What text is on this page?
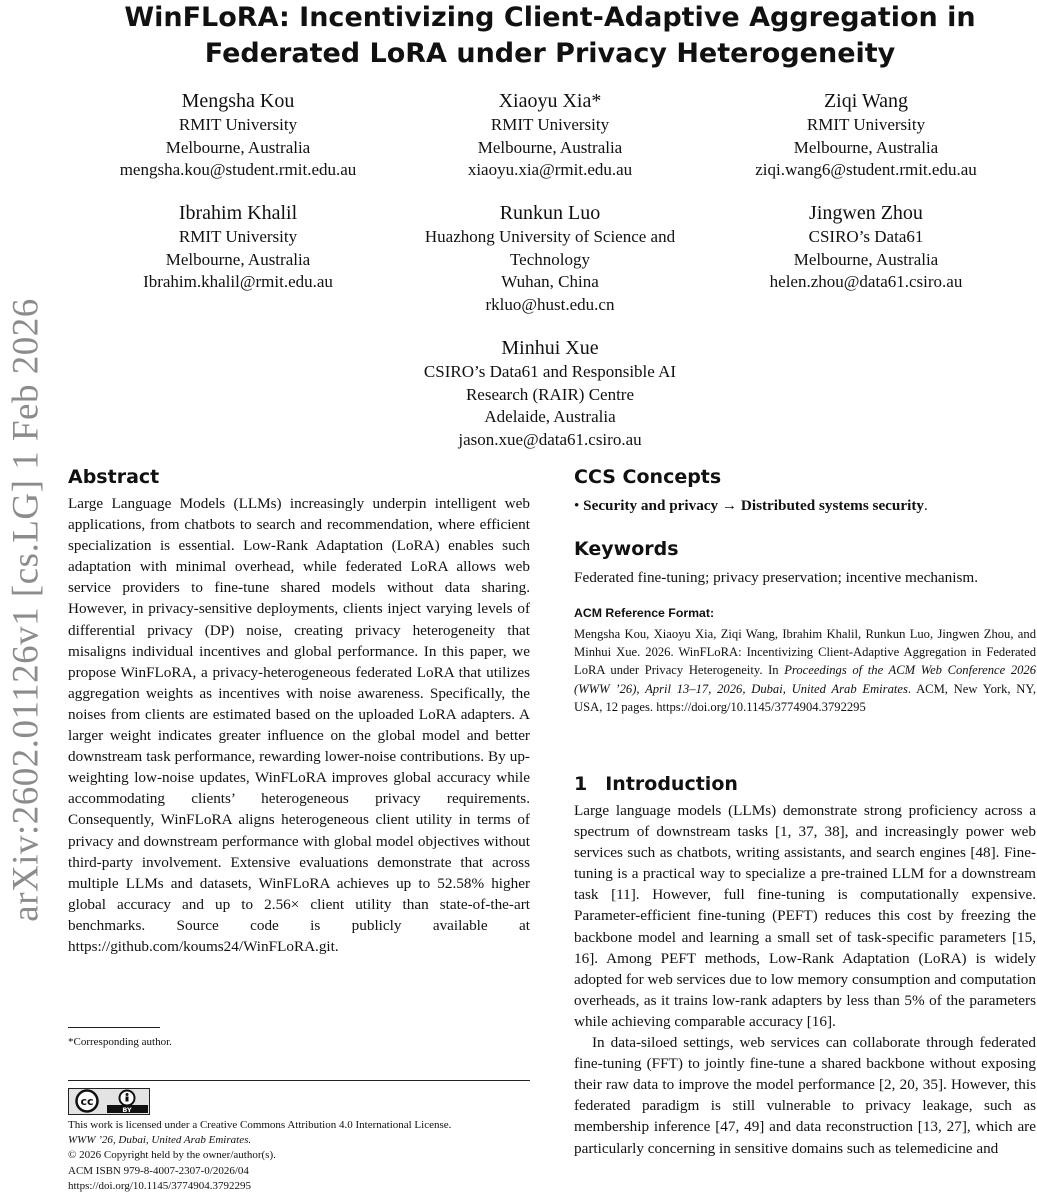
arXiv:2602.01126v1 [cs.LG] 1 Feb 2026
WinFLoRA: Incentivizing Client-Adaptive Aggregation in Federated LoRA under Privacy Heterogeneity
Mengsha Kou
RMIT University
Melbourne, Australia
mengsha.kou@student.rmit.edu.au
Xiaoyu Xia*
RMIT University
Melbourne, Australia
xiaoyu.xia@rmit.edu.au
Ziqi Wang
RMIT University
Melbourne, Australia
ziqi.wang6@student.rmit.edu.au
Ibrahim Khalil
RMIT University
Melbourne, Australia
Ibrahim.khalil@rmit.edu.au
Runkun Luo
Huazhong University of Science and
Technology
Wuhan, China
rkluo@hust.edu.cn
Jingwen Zhou
CSIRO’s Data61
Melbourne, Australia
helen.zhou@data61.csiro.au
Minhui Xue
CSIRO’s Data61 and Responsible AI
Research (RAIR) Centre
Adelaide, Australia
jason.xue@data61.csiro.au
Abstract

Large Language Models (LLMs) increasingly underpin intelligent web applications, from chatbots to search and recommendation, where efficient specialization is essential. Low-Rank Adaptation (LoRA) enables such adaptation with minimal overhead, while federated LoRA allows web service providers to fine-tune shared models without data sharing. However, in privacy-sensitive deployments, clients inject varying levels of differential privacy (DP) noise, creating privacy heterogeneity that misaligns individual incentives and global performance. In this paper, we propose WinFLoRA, a privacy-heterogeneous federated LoRA that utilizes aggregation weights as incentives with noise awareness. Specifically, the noises from clients are estimated based on the uploaded LoRA adapters. A larger weight indicates greater influence on the global model and better downstream task performance, rewarding lower-noise contributions. By up-weighting low-noise updates, WinFLoRA improves global accuracy while accommodating clients’ heterogeneous privacy requirements. Consequently, WinFLoRA aligns heterogeneous client utility in terms of privacy and downstream performance with global model objectives without third-party involvement. Extensive evaluations demonstrate that across multiple LLMs and datasets, WinFLoRA achieves up to 52.58% higher global accuracy and up to 2.56× client utility than state-of-the-art benchmarks. Source code is publicly available at https://github.com/koums24/WinFLoRA.git.

*Corresponding author.
cc
BY
This work is licensed under a Creative Commons Attribution 4.0 International License.
WWW ’26, Dubai, United Arab Emirates.
© 2026 Copyright held by the owner/author(s).
ACM ISBN 979-8-4007-2307-0/2026/04
https://doi.org/10.1145/3774904.3792295
CCS Concepts

• Security and privacy → Distributed systems security.

Keywords

Federated fine-tuning; privacy preservation; incentive mechanism.

ACM Reference Format:

Mengsha Kou, Xiaoyu Xia, Ziqi Wang, Ibrahim Khalil, Runkun Luo, Jingwen Zhou, and Minhui Xue. 2026. WinFLoRA: Incentivizing Client-Adaptive Aggregation in Federated LoRA under Privacy Heterogeneity. In Proceedings of the ACM Web Conference 2026 (WWW ’26), April 13–17, 2026, Dubai, United Arab Emirates. ACM, New York, NY, USA, 12 pages. https://doi.org/10.1145/3774904.3792295

1 Introduction

Large language models (LLMs) demonstrate strong proficiency across a spectrum of downstream tasks [1, 37, 38], and increasingly power web services such as chatbots, writing assistants, and search engines [48]. Fine-tuning is a practical way to specialize a pre-trained LLM for a downstream task [11]. However, full fine-tuning is computationally expensive. Parameter-efficient fine-tuning (PEFT) reduces this cost by freezing the backbone model and learning a small set of task-specific parameters [15, 16]. Among PEFT methods, Low-Rank Adaptation (LoRA) is widely adopted for web services due to low memory consumption and computation overheads, as it trains low-rank adapters by less than 5% of the parameters while achieving comparable accuracy [16].

In data-siloed settings, web services can collaborate through federated fine-tuning (FFT) to jointly fine-tune a shared backbone without exposing their raw data to improve the model performance [2, 20, 35]. However, this federated paradigm is still vulnerable to privacy leakage, such as membership inference [47, 49] and data reconstruction [13, 27], which are particularly concerning in sensitive domains such as telemedicine and
